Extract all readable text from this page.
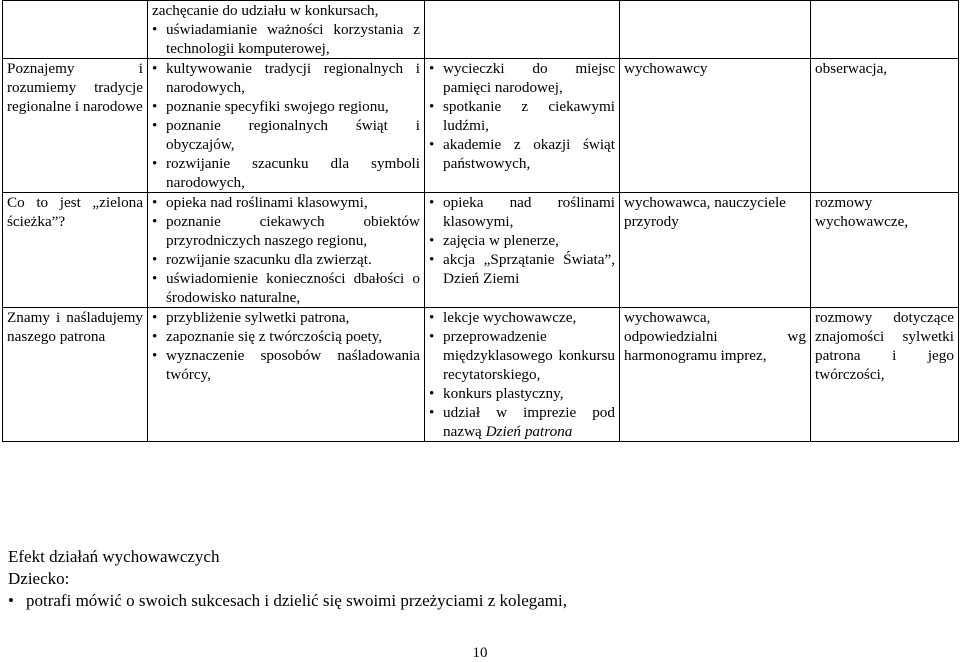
	zachęcanie do udziału w konkursach,
• uświadamianie ważności korzystania z technologii komputerowej,

Poznajemy i rozumiemy tradycje regionalne i narodowe	• kultywowanie tradycji regionalnych i narodowych,
• poznanie specyfiki swojego regionu,
• poznanie regionalnych świąt i obyczajów,
• rozwijanie szacunku dla symboli narodowych,	• wycieczki do miejsc pamięci narodowej,
• spotkanie z ciekawymi ludźmi,
• akademie z okazji świąt państwowych,	wychowawcy	obserwacja,

Co to jest „zielona ścieżka”?	• opieka nad roślinami klasowymi,
• poznanie ciekawych obiektów przyrodniczych naszego regionu,
• rozwijanie szacunku dla zwierząt.
• uświadomienie konieczności dbałości o środowisko naturalne,	• opieka nad roślinami klasowymi,
• zajęcia w plenerze,
• akcja „Sprzątanie Świata”, Dzień Ziemi	wychowawca, nauczyciele przyrody	rozmowy wychowawcze,

Znamy i naśladujemy naszego patrona	• przybliżenie sylwetki patrona,
• zapoznanie się z twórczością poety,
• wyznaczenie sposobów naśladowania twórcy,	• lekcje wychowawcze,
• przeprowadzenie międzyklasowego konkursu recytatorskiego,
• konkurs plastyczny,
• udział w imprezie pod nazwą Dzień patrona	wychowawca, odpowiedzialni wg harmonogramu imprez,	rozmowy dotyczące znajomości sylwetki patrona i jego twórczości,
Efekt działań wychowawczych
Dziecko:
• potrafi mówić o swoich sukcesach i dzielić się swoimi przeżyciami z kolegami,
10
